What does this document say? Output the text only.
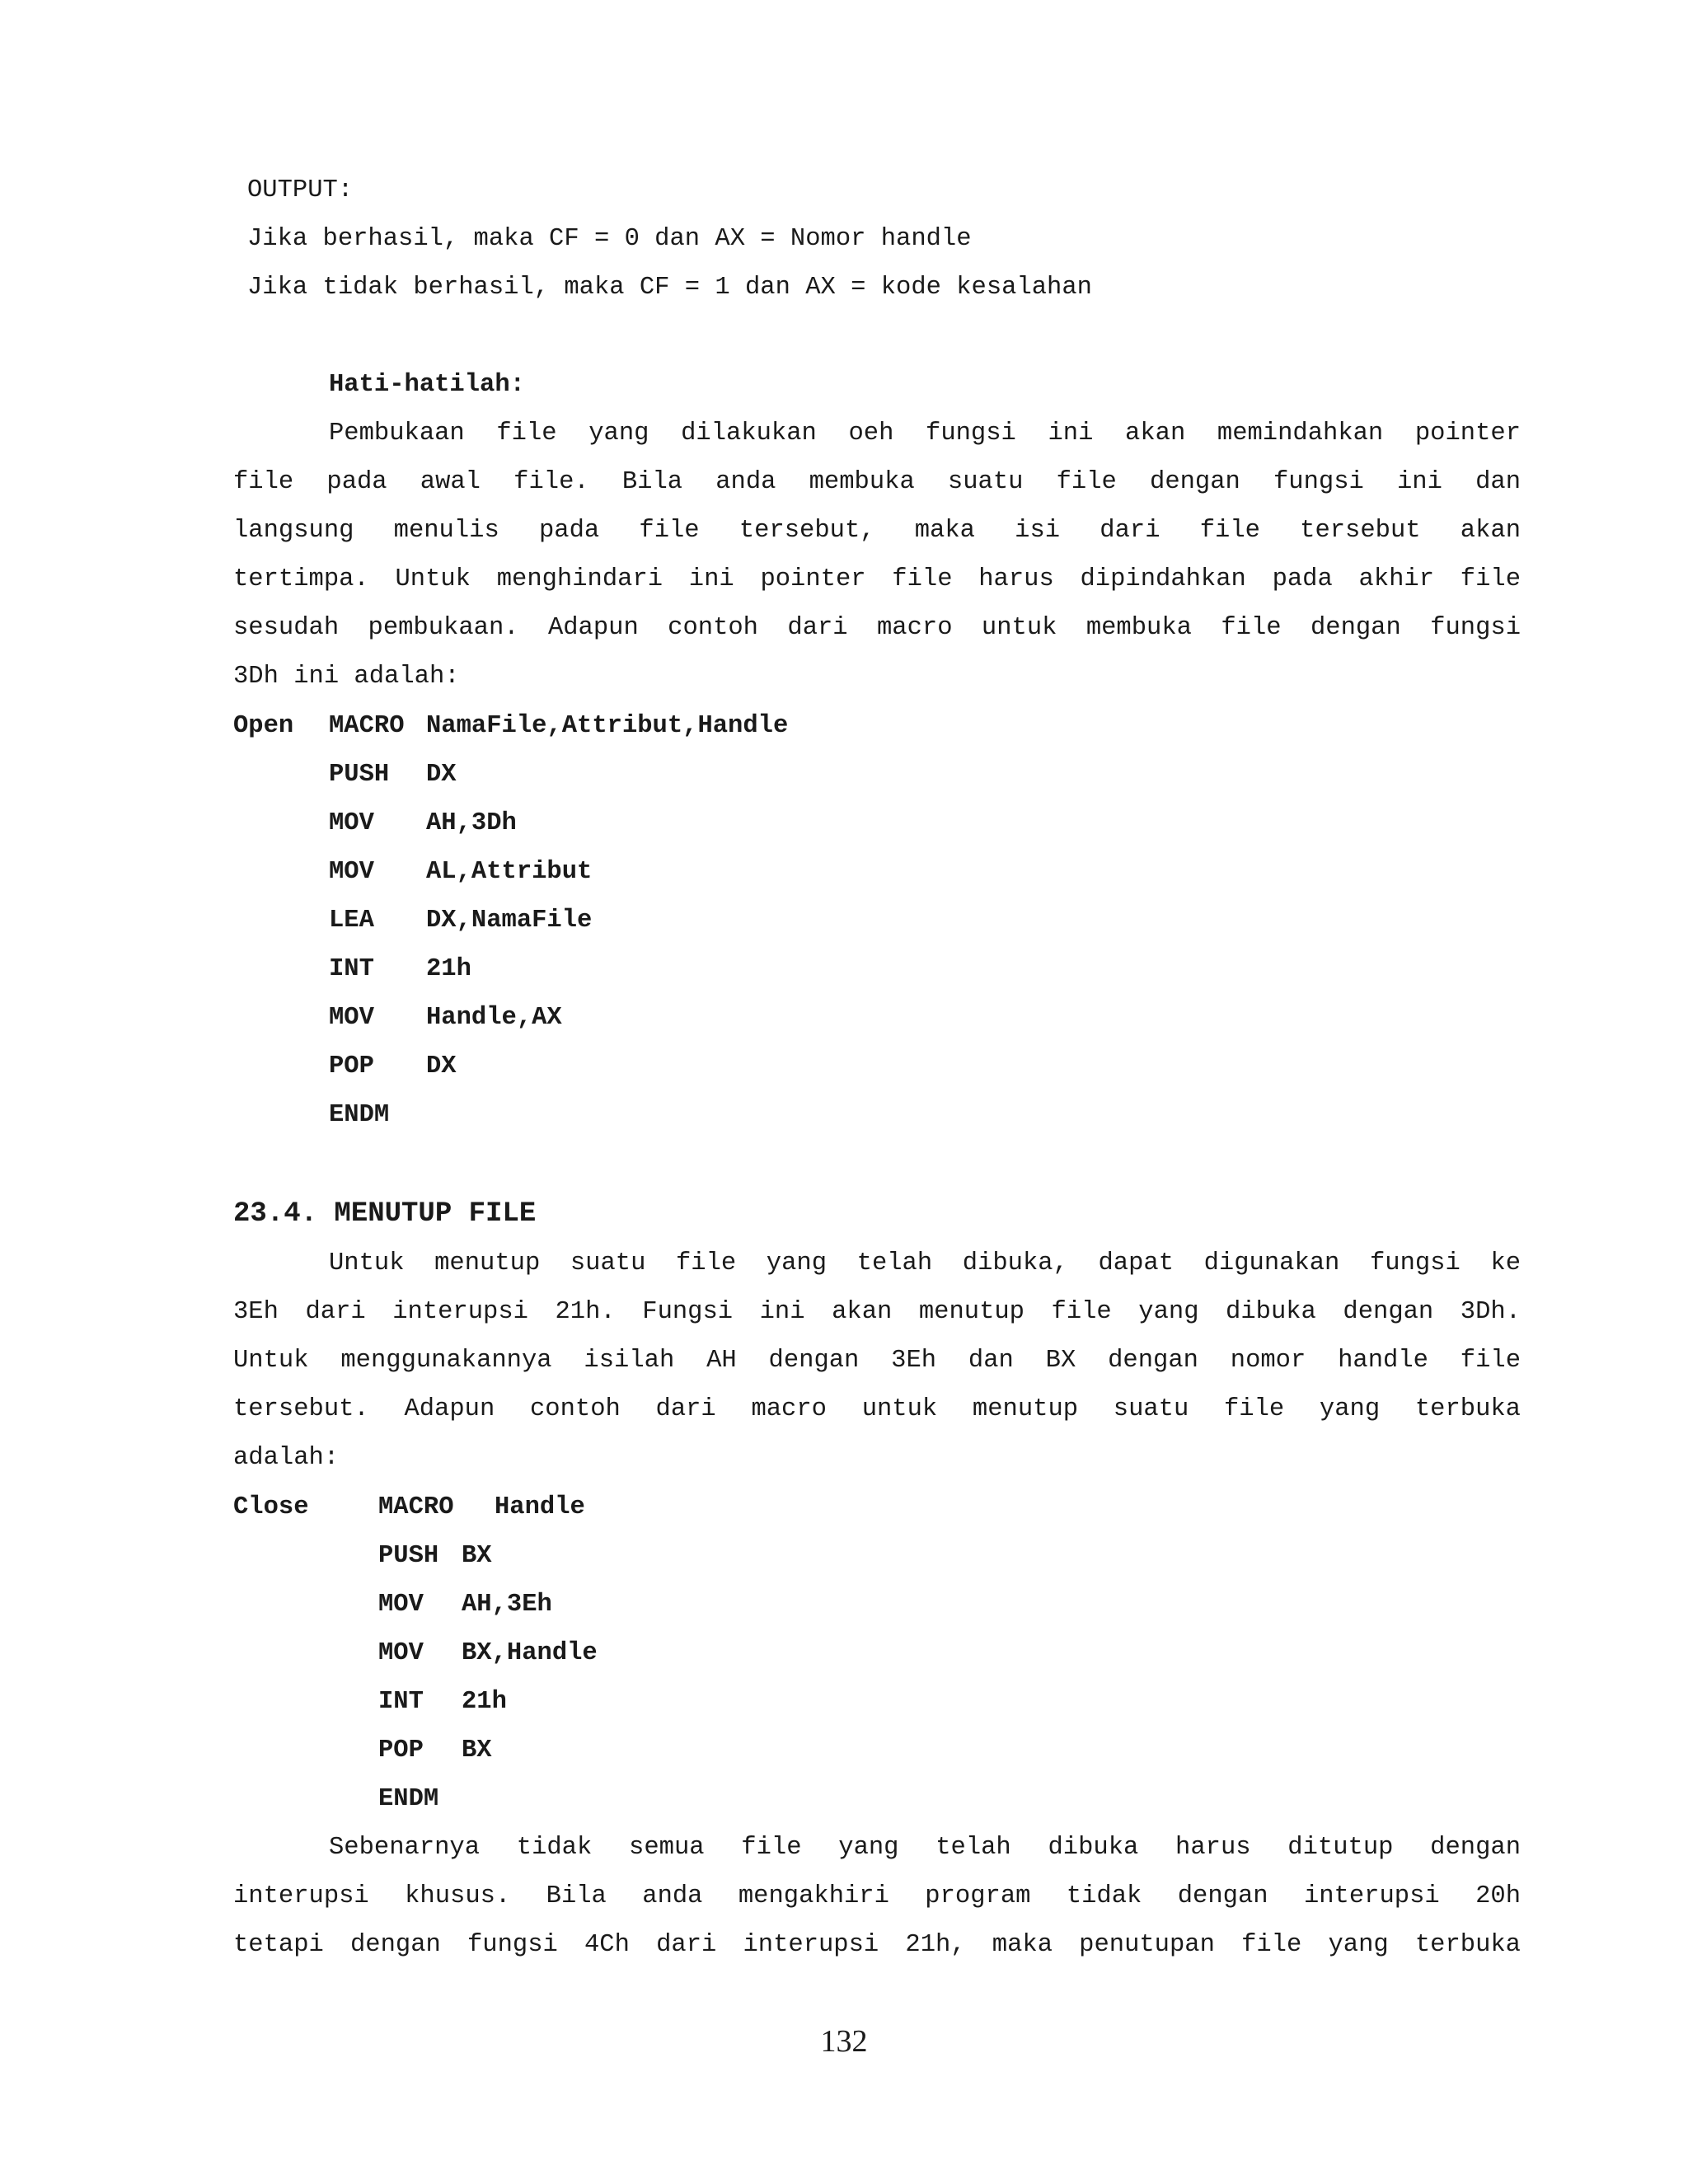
OUTPUT:
Jika berhasil, maka CF = 0 dan AX = Nomor handle
Jika tidak berhasil, maka CF = 1 dan AX = kode kesalahan
Hati-hatilah:
Pembukaan file yang dilakukan oeh fungsi ini akan memindahkan pointer
file pada awal file. Bila anda membuka suatu file dengan fungsi ini dan
langsung menulis pada file tersebut, maka isi dari file tersebut akan
tertimpa. Untuk menghindari ini pointer file harus dipindahkan pada akhir file
sesudah pembukaan. Adapun contoh dari macro untuk membuka file dengan fungsi
3Dh ini adalah:
Open MACRO NamaFile,Attribut,Handle
PUSH DX
MOV AH,3Dh
MOV AL,Attribut
LEA DX,NamaFile
INT 21h
MOV Handle,AX
POP DX
ENDM
23.4. MENUTUP FILE
Untuk menutup suatu file yang telah dibuka, dapat digunakan fungsi ke
3Eh dari interupsi 21h. Fungsi ini akan menutup file yang dibuka dengan 3Dh.
Untuk menggunakannya isilah AH dengan 3Eh dan BX dengan nomor handle file
tersebut. Adapun contoh dari macro untuk menutup suatu file yang terbuka
adalah:
Close	MACRO Handle
PUSH BX
MOV AH,3Eh
MOV BX,Handle
INT 21h
POP BX
ENDM
Sebenarnya tidak semua file yang telah dibuka harus ditutup dengan
interupsi khusus. Bila anda mengakhiri program tidak dengan interupsi 20h
tetapi dengan fungsi 4Ch dari interupsi 21h, maka penutupan file yang terbuka
132
